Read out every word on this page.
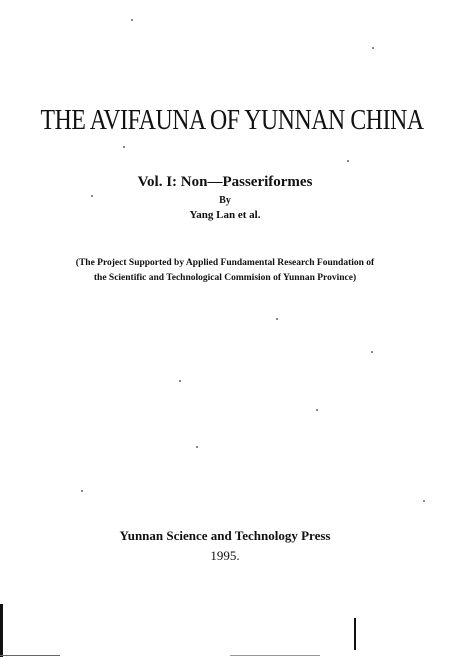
THE AVIFAUNA OF YUNNAN CHINA
Vol. I: Non—Passeriformes
By
Yang Lan et al.
(The Project Supported by Applied Fundamental Research Foundation of
the Scientific and Technological Commision of Yunnan Province)
Yunnan Science and Technology Press
1995.
